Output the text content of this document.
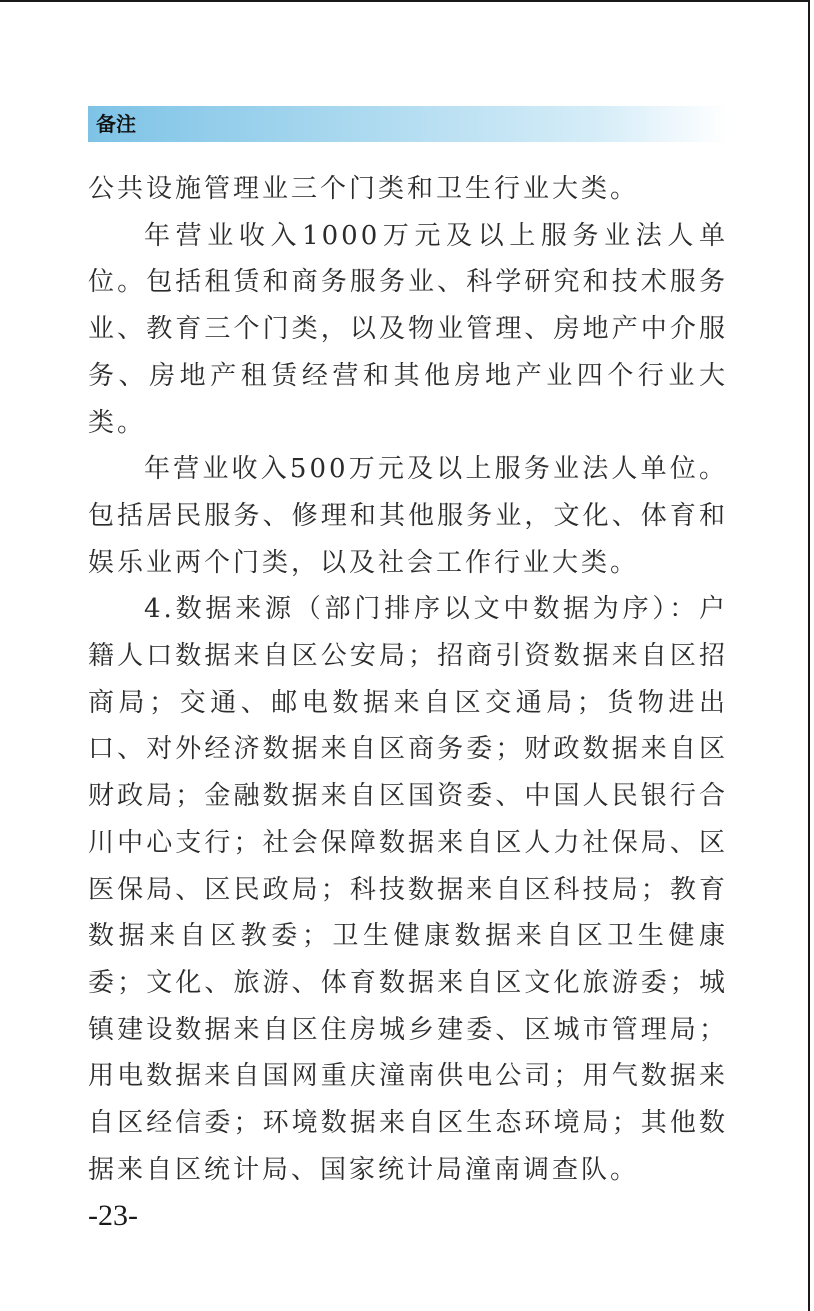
备注

公共设施管理业三个门类和卫生行业大类。

年营业收入1000万元及以上服务业法人单位。包括租赁和商务服务业、科学研究和技术服务业、教育三个门类，以及物业管理、房地产中介服务、房地产租赁经营和其他房地产业四个行业大类。

年营业收入500万元及以上服务业法人单位。包括居民服务、修理和其他服务业，文化、体育和娱乐业两个门类，以及社会工作行业大类。

4.数据来源（部门排序以文中数据为序）：户籍人口数据来自区公安局；招商引资数据来自区招商局；交通、邮电数据来自区交通局；货物进出口、对外经济数据来自区商务委；财政数据来自区财政局；金融数据来自区国资委、中国人民银行合川中心支行；社会保障数据来自区人力社保局、区医保局、区民政局；科技数据来自区科技局；教育数据来自区教委；卫生健康数据来自区卫生健康委；文化、旅游、体育数据来自区文化旅游委；城镇建设数据来自区住房城乡建委、区城市管理局；用电数据来自国网重庆潼南供电公司；用气数据来自区经信委；环境数据来自区生态环境局；其他数据来自区统计局、国家统计局潼南调查队。

-23-
